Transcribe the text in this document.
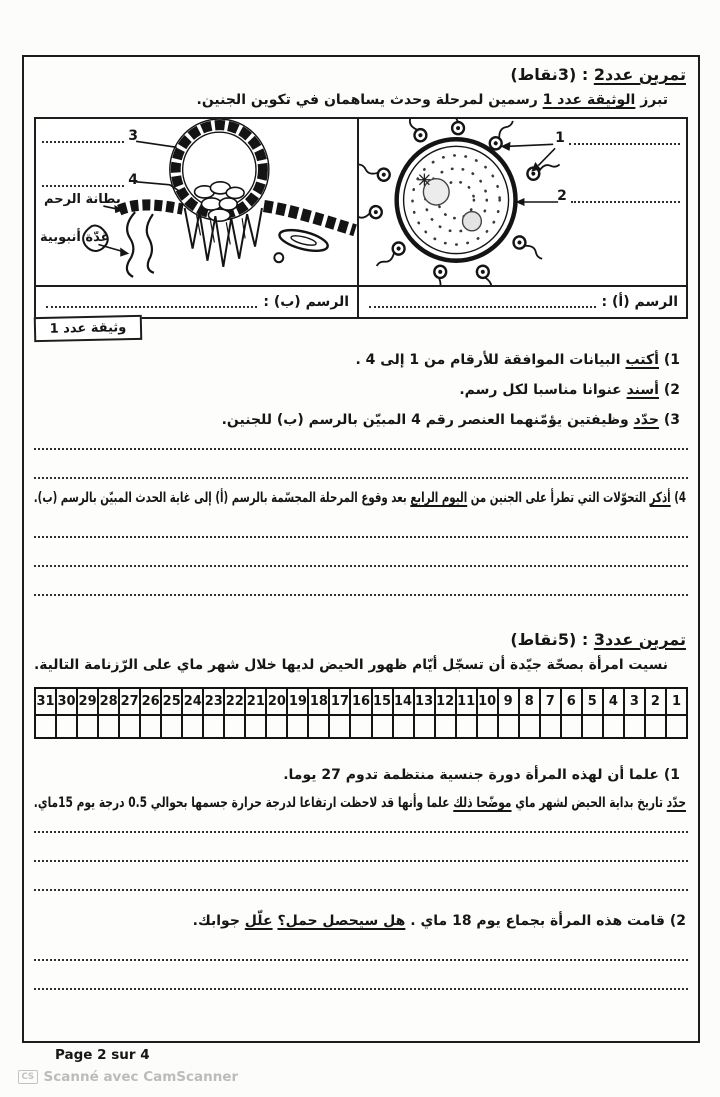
تمرين عدد2 : (3نقاط)

تبرز الوثيقة عدد 1 رسمين لمرحلة وحدث يساهمان في تكوين الجنين.

3
4
بطانة الرحم
غدّة أنبوبية
الرسم (ب) :
1
2
الرسم (أ) :
وثيقة عدد 1

1) أكتب البيانات الموافقة للأرقام من 1 إلى 4 .

2) أسند عنوانا مناسبا لكل رسم.

3) حدّد وظيفتين يؤمّنهما العنصر رقم 4 المبيّن بالرسم (ب) للجنين.

4) أذكر التحوّلات التي تطرأ على الجنين من اليوم الرابع بعد وقوع المرحلة المجسّمة بالرسم (أ) إلى غاية الحدث المبيّن بالرسم (ب).

تمرين عدد3 : (5نقاط)

نسيت امرأة بصحّة جيّدة أن تسجّل أيّام ظهور الحيض لديها خلال شهر ماي على الرّزنامة التالية.

31	30	29	28	27	26	25	24	23	22	21	20	19	18	17	16	15	14	13	12	11	10	9	8	7	6	5	4	3	2	1

1) علما أن لهذه المرأة دورة جنسية منتظمة تدوم 27 يوما.

حدّد تاريخ بداية الحيض لشهر ماي موضّحا ذلك علما وأنها قد لاحظت ارتفاعا لدرجة حرارة جسمها بحوالي 0.5 درجة يوم 15ماي.

2) قامت هذه المرأة بجماع يوم 18 ماي . هل سيحصل حمل؟ علّل جوابك.

Page 2 sur 4
CS Scanné avec CamScanner
